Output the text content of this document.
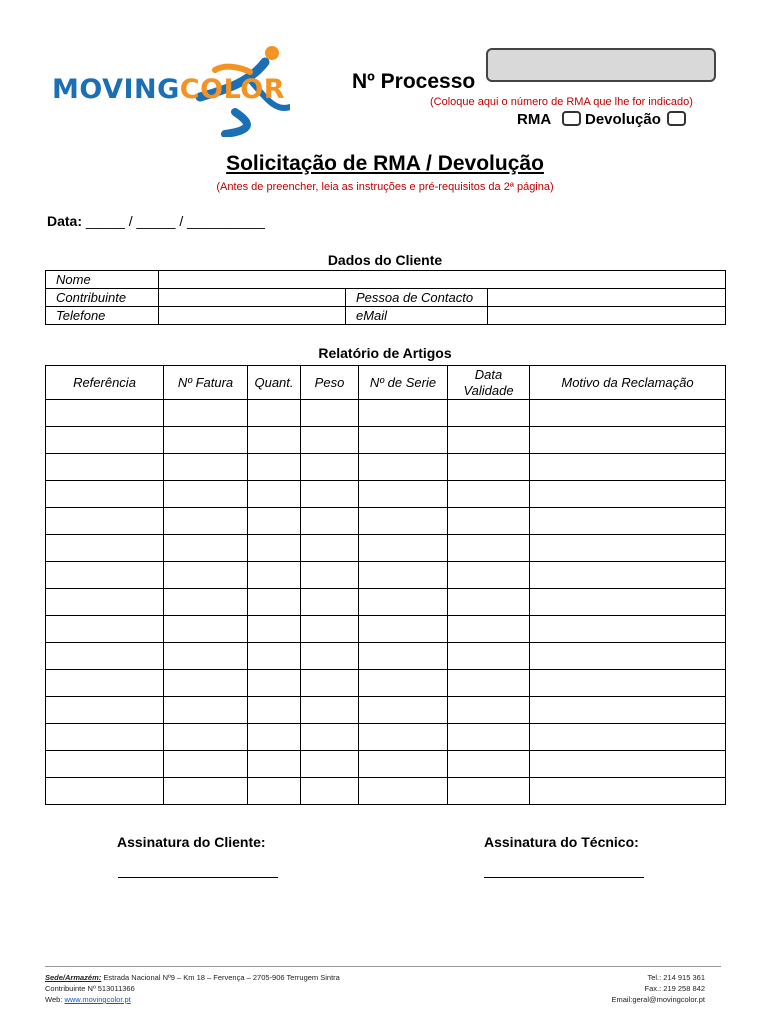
MOVINGCOLOR	Nº Processo
(Coloque aqui o número de RMA que lhe for indicado)
RMA Devolução
Solicitação de RMA / Devolução
(Antes de preencher, leia as instruções e pré-requisitos da 2ª página)
Data: _____ / _____ / __________
Dados do Cliente
Nome			
Contribuinte		Pessoa de Contacto	
Telefone		eMail	
Relatório de Artigos
Referência	Nº Fatura	Quant.	Peso	Nº de Serie	Data Validade	Motivo da Reclamação

Assinatura do Cliente:	Assinatura do Técnico:
Sede/Armazém: Estrada Nacional Nº9 – Km 18 – Fervença – 2705-906 Terrugem Sintra
Contribuinte Nº 513011366
Web: www.movingcolor.pt
Tel.: 214 915 361
Fax.: 219 258 842
Email:geral@movingcolor.pt
